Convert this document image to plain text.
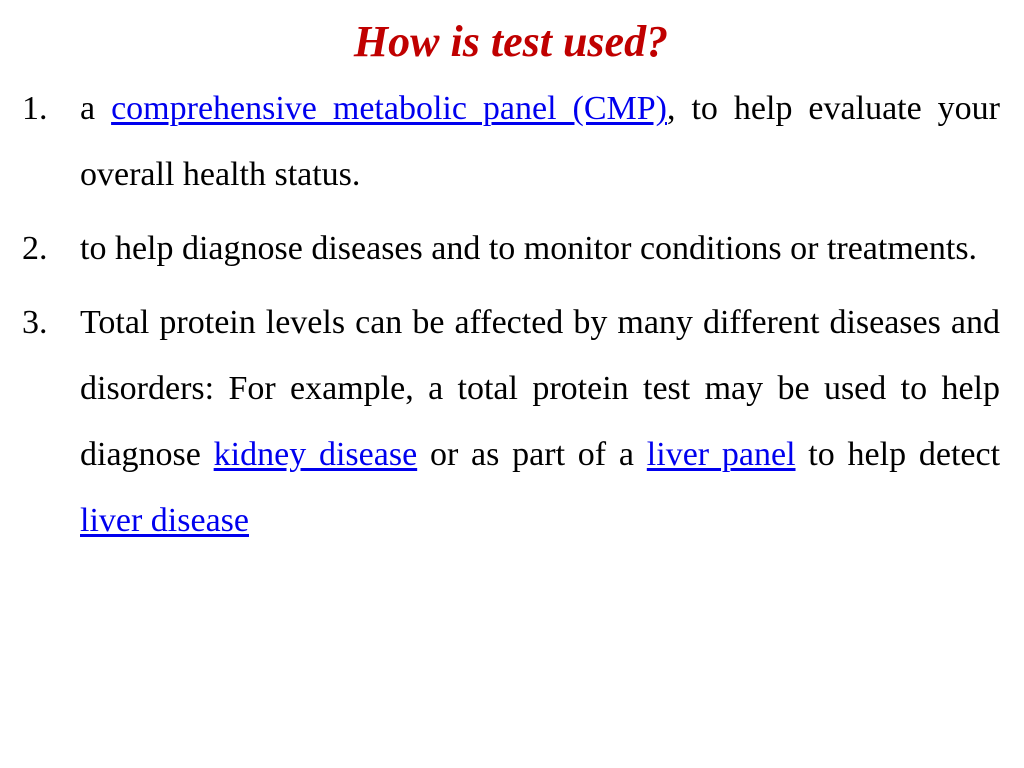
How is test used?
1. a comprehensive metabolic panel (CMP), to help evaluate your overall health status.

2. to help diagnose diseases and to monitor conditions or treatments.

3. Total protein levels can be affected by many different diseases and disorders: For example, a total protein test may be used to help diagnose kidney disease or as part of a liver panel to help detect liver disease
